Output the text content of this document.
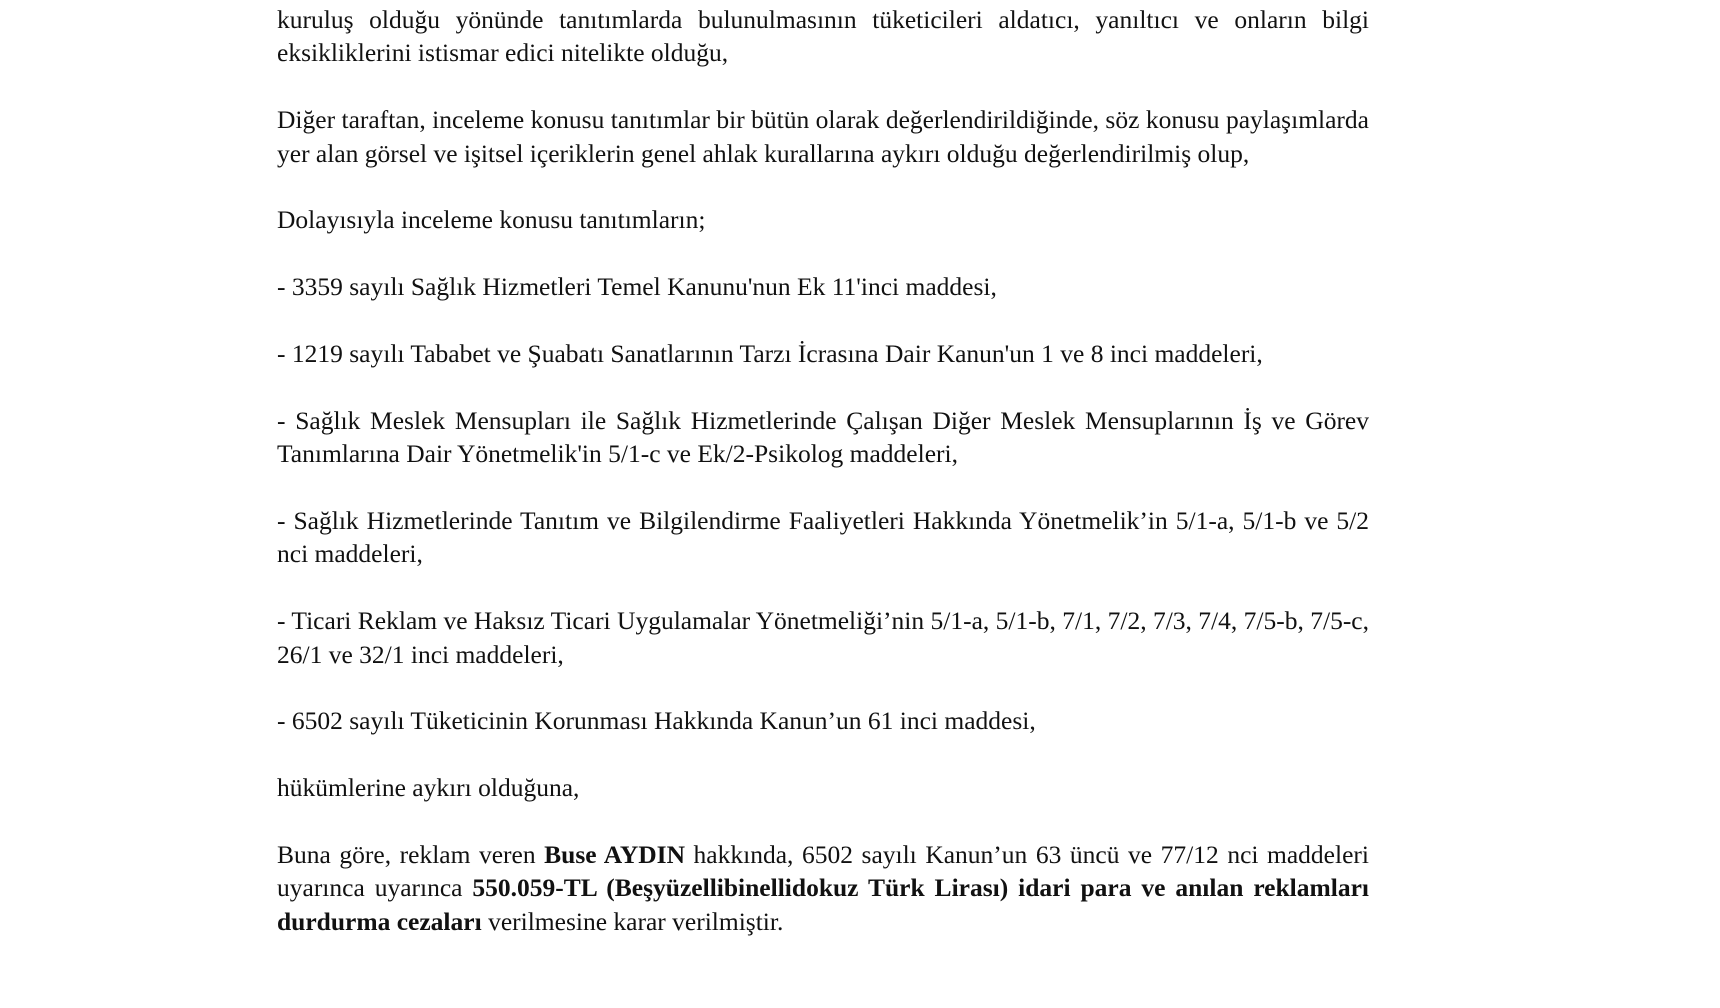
kuruluş olduğu yönünde tanıtımlarda bulunulmasının tüketicileri aldatıcı, yanıltıcı ve onların bilgi eksikliklerini istismar edici nitelikte olduğu,

Diğer taraftan, inceleme konusu tanıtımlar bir bütün olarak değerlendirildiğinde, söz konusu paylaşımlarda yer alan görsel ve işitsel içeriklerin genel ahlak kurallarına aykırı olduğu değerlendirilmiş olup,

Dolayısıyla inceleme konusu tanıtımların;

- 3359 sayılı Sağlık Hizmetleri Temel Kanunu'nun Ek 11'inci maddesi,

- 1219 sayılı Tababet ve Şuabatı Sanatlarının Tarzı İcrasına Dair Kanun'un 1 ve 8 inci maddeleri,

- Sağlık Meslek Mensupları ile Sağlık Hizmetlerinde Çalışan Diğer Meslek Mensuplarının İş ve Görev Tanımlarına Dair Yönetmelik'in 5/1-c ve Ek/2-Psikolog maddeleri,

- Sağlık Hizmetlerinde Tanıtım ve Bilgilendirme Faaliyetleri Hakkında Yönetmelik’in 5/1-a, 5/1-b ve 5/2 nci maddeleri,

- Ticari Reklam ve Haksız Ticari Uygulamalar Yönetmeliği’nin 5/1-a, 5/1-b, 7/1, 7/2, 7/3, 7/4, 7/5-b, 7/5-c, 26/1 ve 32/1 inci maddeleri,

- 6502 sayılı Tüketicinin Korunması Hakkında Kanun’un 61 inci maddesi,

hükümlerine aykırı olduğuna,

Buna göre, reklam veren Buse AYDIN hakkında, 6502 sayılı Kanun’un 63 üncü ve 77/12 nci maddeleri uyarınca uyarınca 550.059-TL (Beşyüzellibinellidokuz Türk Lirası) idari para ve anılan reklamları durdurma cezaları verilmesine karar verilmiştir.
